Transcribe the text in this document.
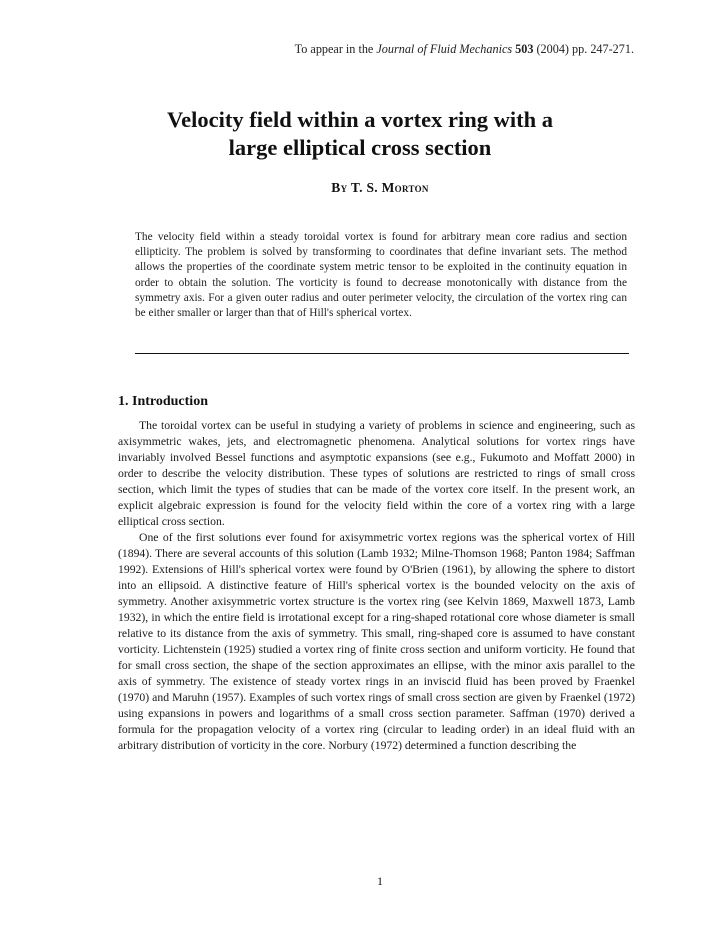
To appear in the Journal of Fluid Mechanics 503 (2004) pp. 247-271.
Velocity field within a vortex ring with a
large elliptical cross section
By T. S. Morton
The velocity field within a steady toroidal vortex is found for arbitrary mean core radius and section ellipticity. The problem is solved by transforming to coordinates that define invariant sets. The method allows the properties of the coordinate system metric tensor to be exploited in the continuity equation in order to obtain the solution. The vorticity is found to decrease monotonically with distance from the symmetry axis. For a given outer radius and outer perimeter velocity, the circulation of the vortex ring can be either smaller or larger than that of Hill's spherical vortex.
1. Introduction

The toroidal vortex can be useful in studying a variety of problems in science and engineering, such as axisymmetric wakes, jets, and electromagnetic phenomena. Analytical solutions for vortex rings have invariably involved Bessel functions and asymptotic expansions (see e.g., Fukumoto and Moffatt 2000) in order to describe the velocity distribution. These types of solutions are restricted to rings of small cross section, which limit the types of studies that can be made of the vortex core itself. In the present work, an explicit algebraic expression is found for the velocity field within the core of a vortex ring with a large elliptical cross section.

One of the first solutions ever found for axisymmetric vortex regions was the spherical vortex of Hill (1894). There are several accounts of this solution (Lamb 1932; Milne-Thomson 1968; Panton 1984; Saffman 1992). Extensions of Hill's spherical vortex were found by O'Brien (1961), by allowing the sphere to distort into an ellipsoid. A distinctive feature of Hill's spherical vortex is the bounded velocity on the axis of symmetry. Another axisymmetric vortex structure is the vortex ring (see Kelvin 1869, Maxwell 1873, Lamb 1932), in which the entire field is irrotational except for a ring-shaped rotational core whose diameter is small relative to its distance from the axis of symmetry. This small, ring-shaped core is assumed to have constant vorticity. Lichtenstein (1925) studied a vortex ring of finite cross section and uniform vorticity. He found that for small cross section, the shape of the section approximates an ellipse, with the minor axis parallel to the axis of symmetry. The existence of steady vortex rings in an inviscid fluid has been proved by Fraenkel (1970) and Maruhn (1957). Examples of such vortex rings of small cross section are given by Fraenkel (1972) using expansions in powers and logarithms of a small cross section parameter. Saffman (1970) derived a formula for the propagation velocity of a vortex ring (circular to leading order) in an ideal fluid with an arbitrary distribution of vorticity in the core. Norbury (1972) determined a function describing the

1
